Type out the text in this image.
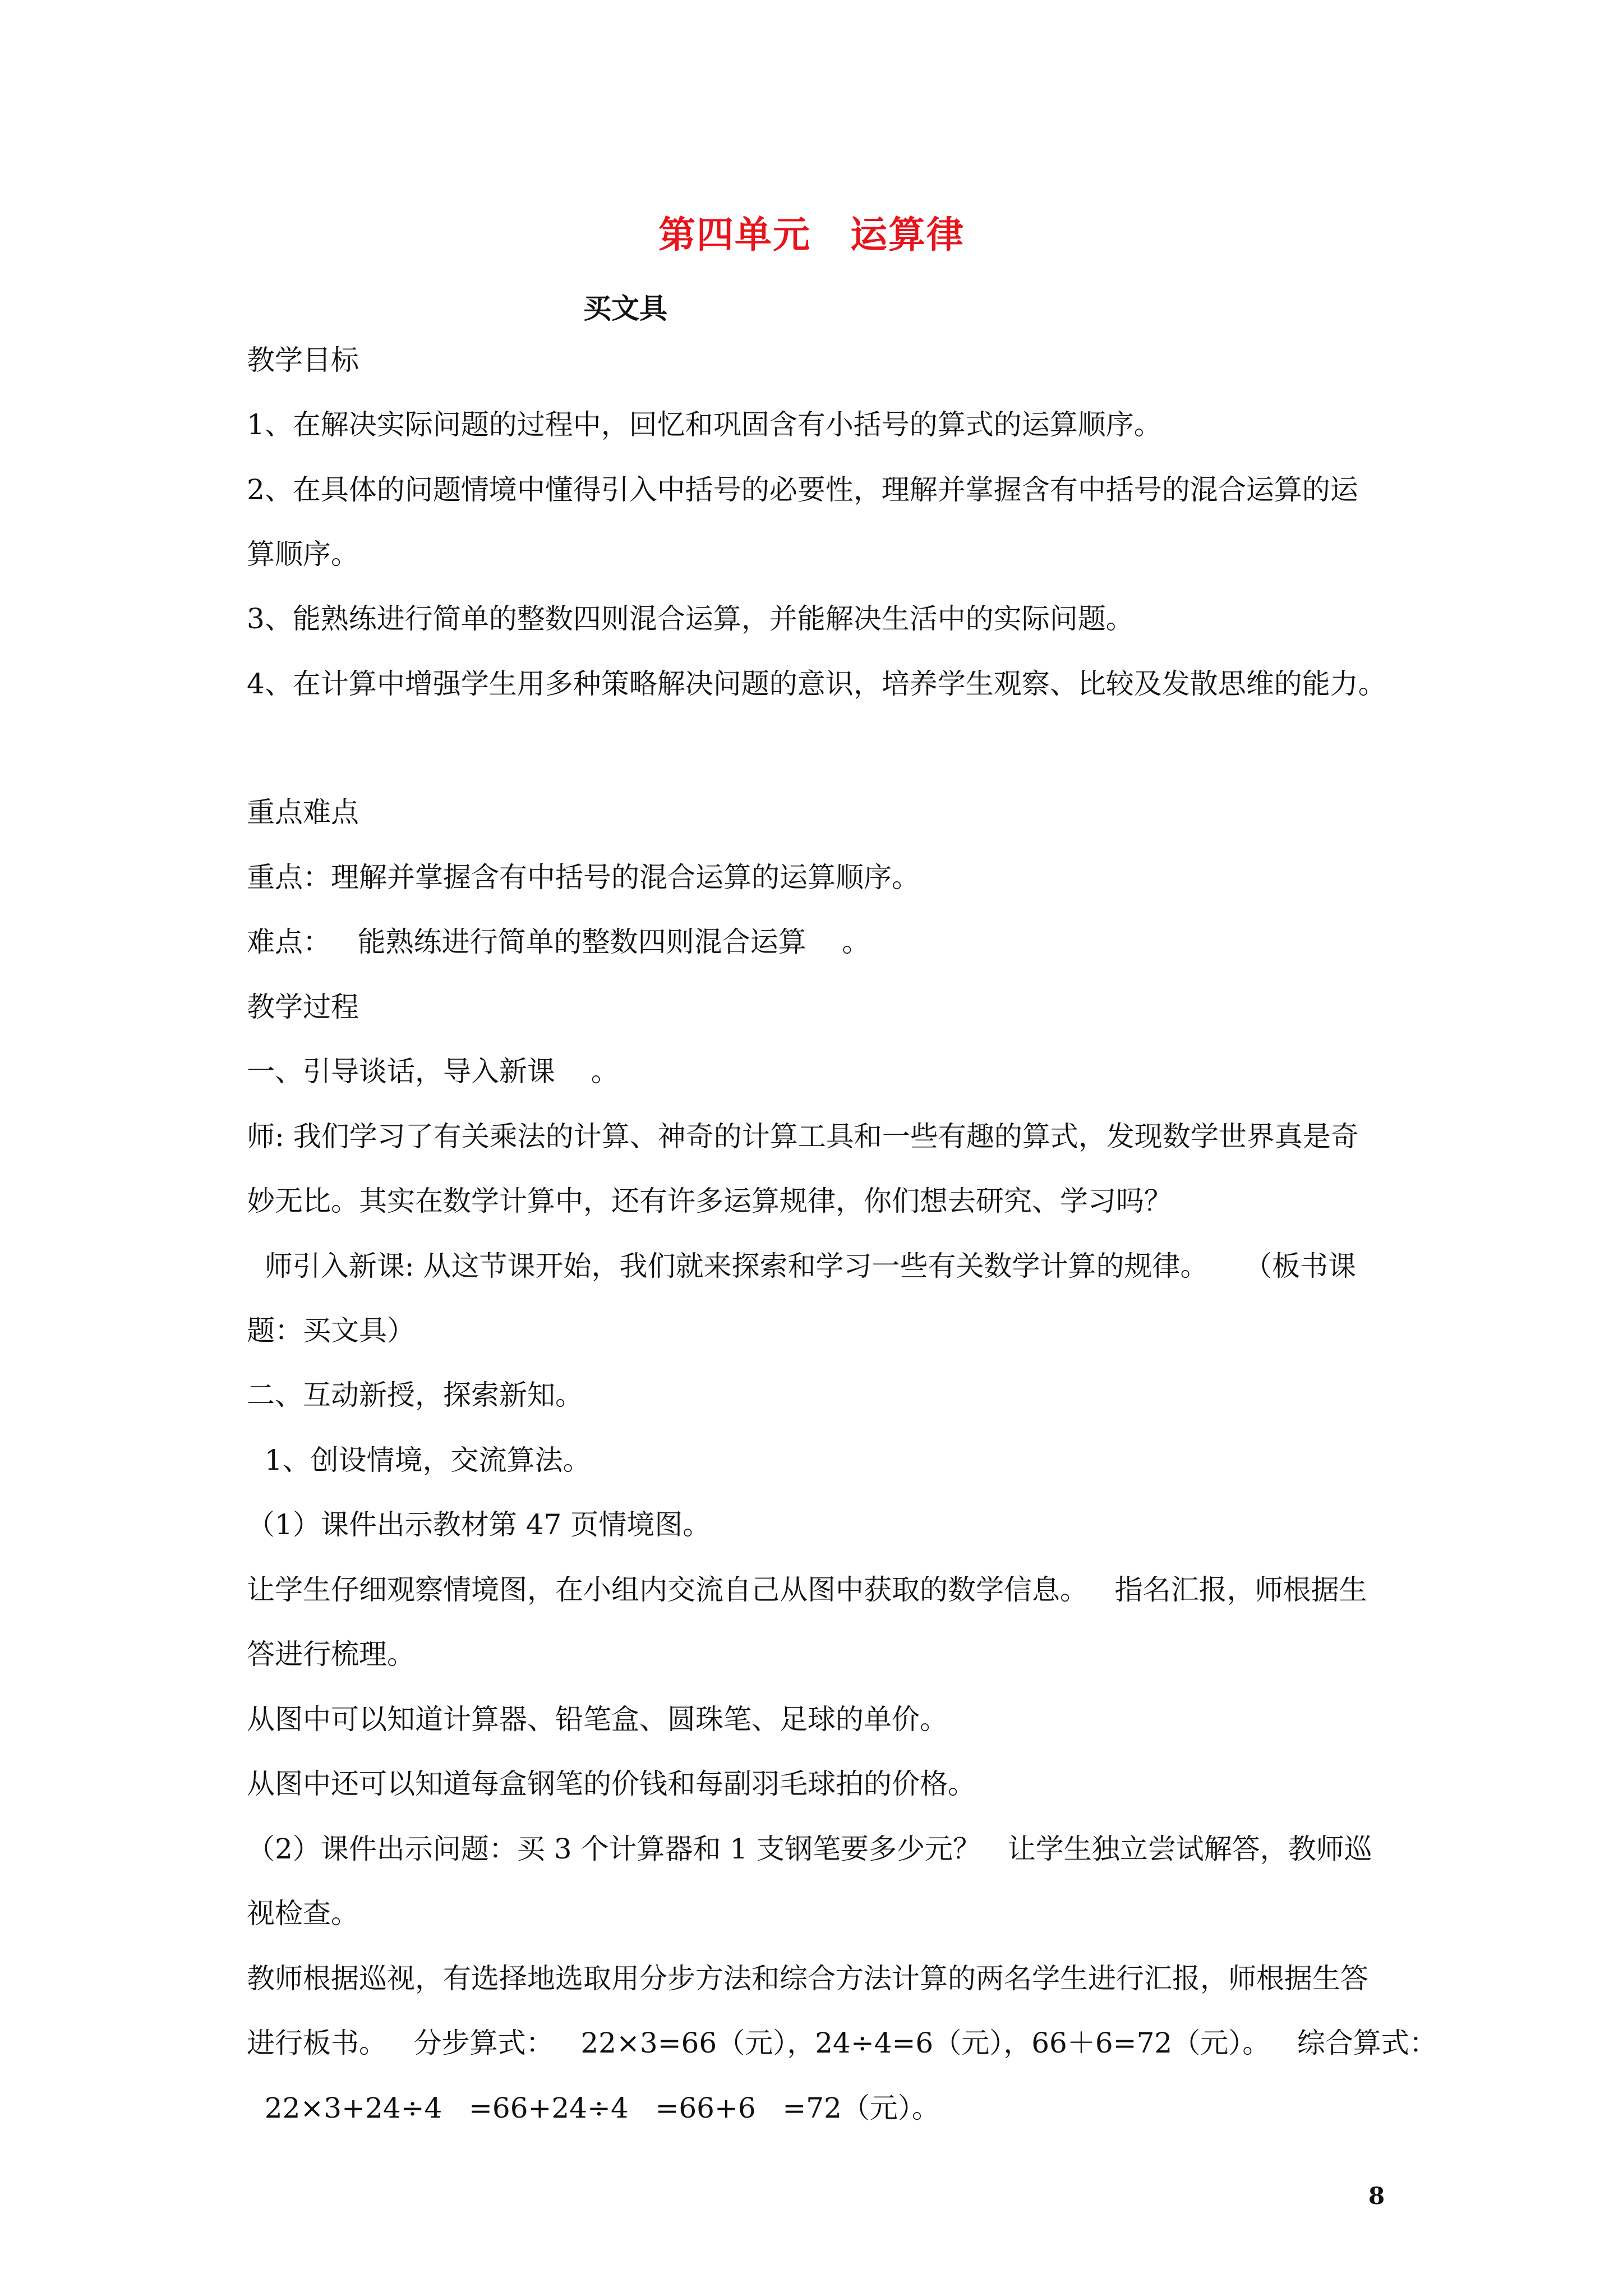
第四单元 运算律
买文具
教学目标
1、在解决实际问题的过程中，回忆和巩固含有小括号的算式的运算顺序。
2、在具体的问题情境中懂得引入中括号的必要性，理解并掌握含有中括号的混合运算的运
算顺序。
3、能熟练进行简单的整数四则混合运算，并能解决生活中的实际问题。
4、在计算中增强学生用多种策略解决问题的意识，培养学生观察、比较及发散思维的能力。
重点难点
重点：理解并掌握含有中括号的混合运算的运算顺序。
难点：   能熟练进行简单的整数四则混合运算    。
教学过程
一、引导谈话，导入新课    。
师: 我们学习了有关乘法的计算、神奇的计算工具和一些有趣的算式，发现数学世界真是奇
妙无比。其实在数学计算中，还有许多运算规律，你们想去研究、学习吗？
师引入新课: 从这节课开始，我们就来探索和学习一些有关数学计算的规律。    （板书课
题：买文具）
二、互动新授，探索新知。
1、创设情境，交流算法。
（1）课件出示教材第 47 页情境图。
让学生仔细观察情境图，在小组内交流自己从图中获取的数学信息。   指名汇报，师根据生
答进行梳理。
从图中可以知道计算器、铅笔盒、圆珠笔、足球的单价。
从图中还可以知道每盒钢笔的价钱和每副羽毛球拍的价格。
（2）课件出示问题：买 3 个计算器和 1 支钢笔要多少元？   让学生独立尝试解答，教师巡
视检查。
教师根据巡视，有选择地选取用分步方法和综合方法计算的两名学生进行汇报，师根据生答
进行板书。   分步算式：   22×3=66（元），24÷4=6（元），66＋6=72（元）。   综合算式：
22×3+24÷4   =66+24÷4   =66+6   =72（元）。
8
